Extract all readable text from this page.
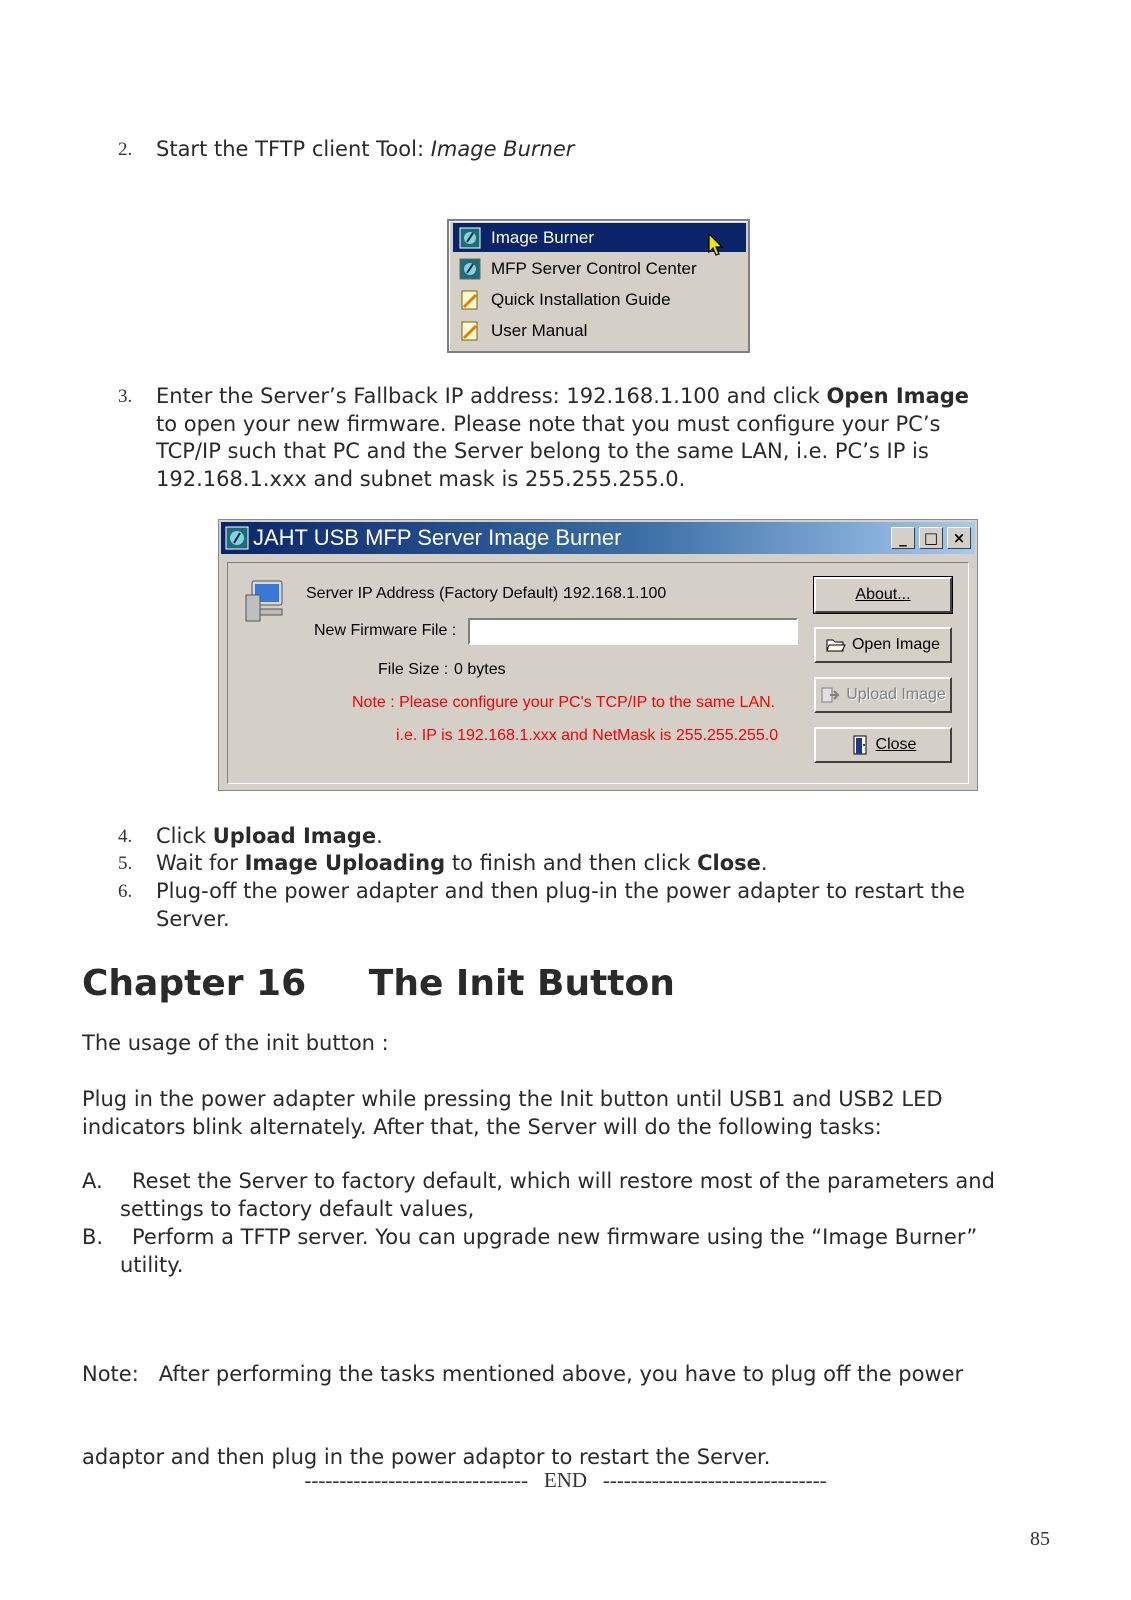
2. Start the TFTP client Tool: Image Burner
Image Burner
MFP Server Control Center
Quick Installation Guide
User Manual
3. Enter the Server’s Fallback IP address: 192.168.1.100 and click Open Image
to open your new firmware. Please note that you must configure your PC’s
TCP/IP such that PC and the Server belong to the same LAN, i.e. PC’s IP is
192.168.1.xxx and subnet mask is 255.255.255.0.
JAHT USB MFP Server Image Burner	_	□ ×
Server IP Address (Factory Default) :
192.168.1.100
New Firmware File :
File Size : 0 bytes
Note : Please configure your PC's TCP/IP to the same LAN.
i.e. IP is 192.168.1.xxx and NetMask is 255.255.255.0
About...
Open Image
Upload Image
Close
4. Click Upload Image.
5. Wait for Image Uploading to finish and then click Close.
6. Plug-off the power adapter and then plug-in the power adapter to restart the
Server.
Chapter 16     The Init Button
The usage of the init button :
Plug in the power adapter while pressing the Init button until USB1 and USB2 LED
indicators blink alternately. After that, the Server will do the following tasks:
A.	Reset the Server to factory default, which will restore most of the parameters and
settings to factory default values,
B.	Perform a TFTP server. You can upgrade new firmware using the “Image Burner”
utility.

Note:   After performing the tasks mentioned above, you have to plug off the power

adaptor and then plug in the power adaptor to restart the Server.

--------------------------------   END   --------------------------------
85
